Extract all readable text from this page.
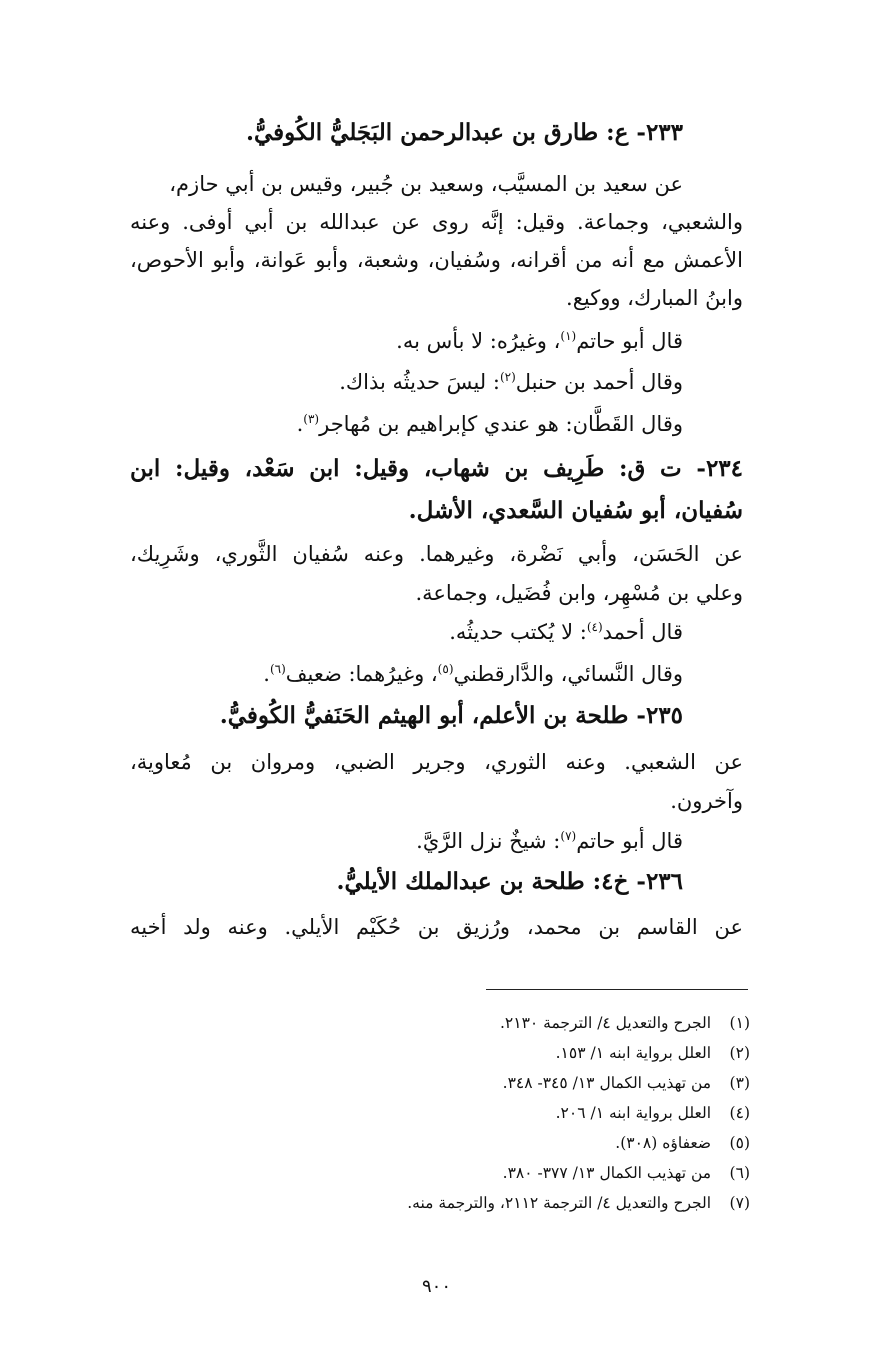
٢٣٣- ع: طارق بن عبدالرحمن البَجَليُّ الكُوفيُّ.
عن سعيد بن المسيَّب، وسعيد بن جُبير، وقيس بن أبي حازم،
والشعبي، وجماعة. وقيل: إنَّه روى عن عبدالله بن أبي أوفى. وعنه
الأعمش مع أنه من أقرانه، وسُفيان، وشعبة، وأبو عَوانة، وأبو الأحوص،
وابنُ المبارك، ووكيع.
قال أبو حاتم$^{(١)}$، وغيرُه: لا بأس به.
وقال أحمد بن حنبل$^{(٢)}$: ليسَ حديثُه بذاك.
وقال القَطَّان: هو عندي كإبراهيم بن مُهاجر$^{(٣)}$.
٢٣٤- ت ق: طَرِيف بن شهاب، وقيل: ابن سَعْد، وقيل: ابن
سُفيان، أبو سُفيان السَّعدي، الأشل.
عن الحَسَن، وأبي نَضْرة، وغيرهما. وعنه سُفيان الثَّوري، وشَرِيك،
وعلي بن مُسْهِر، وابن فُضَيل، وجماعة.
قال أحمد$^{(٤)}$: لا يُكتب حديثُه.
وقال النَّسائي، والدَّارقطني$^{(٥)}$، وغيرُهما: ضعيف$^{(٦)}$.
٢٣٥- طلحة بن الأعلم، أبو الهيثم الحَنَفيُّ الكُوفيُّ.
عن الشعبي. وعنه الثوري، وجرير الضبي، ومروان بن مُعاوية،
وآخرون.
قال أبو حاتم$^{(٧)}$: شيخٌ نزل الرَّيَّ.
٢٣٦- خ٤: طلحة بن عبدالملك الأيليُّ.
عن القاسم بن محمد، ورُزيق بن حُكَيْم الأيلي. وعنه ولد أخيه
(١) الجرح والتعديل ٤/ الترجمة ٢١٣٠.
(٢) العلل برواية ابنه ١/ ١٥٣.
(٣) من تهذيب الكمال ١٣/ ٣٤٥- ٣٤٨.
(٤) العلل برواية ابنه ١/ ٢٠٦.
(٥) ضعفاؤه (٣٠٨).
(٦) من تهذيب الكمال ١٣/ ٣٧٧- ٣٨٠.
(٧) الجرح والتعديل ٤/ الترجمة ٢١١٢، والترجمة منه.
٩٠٠
